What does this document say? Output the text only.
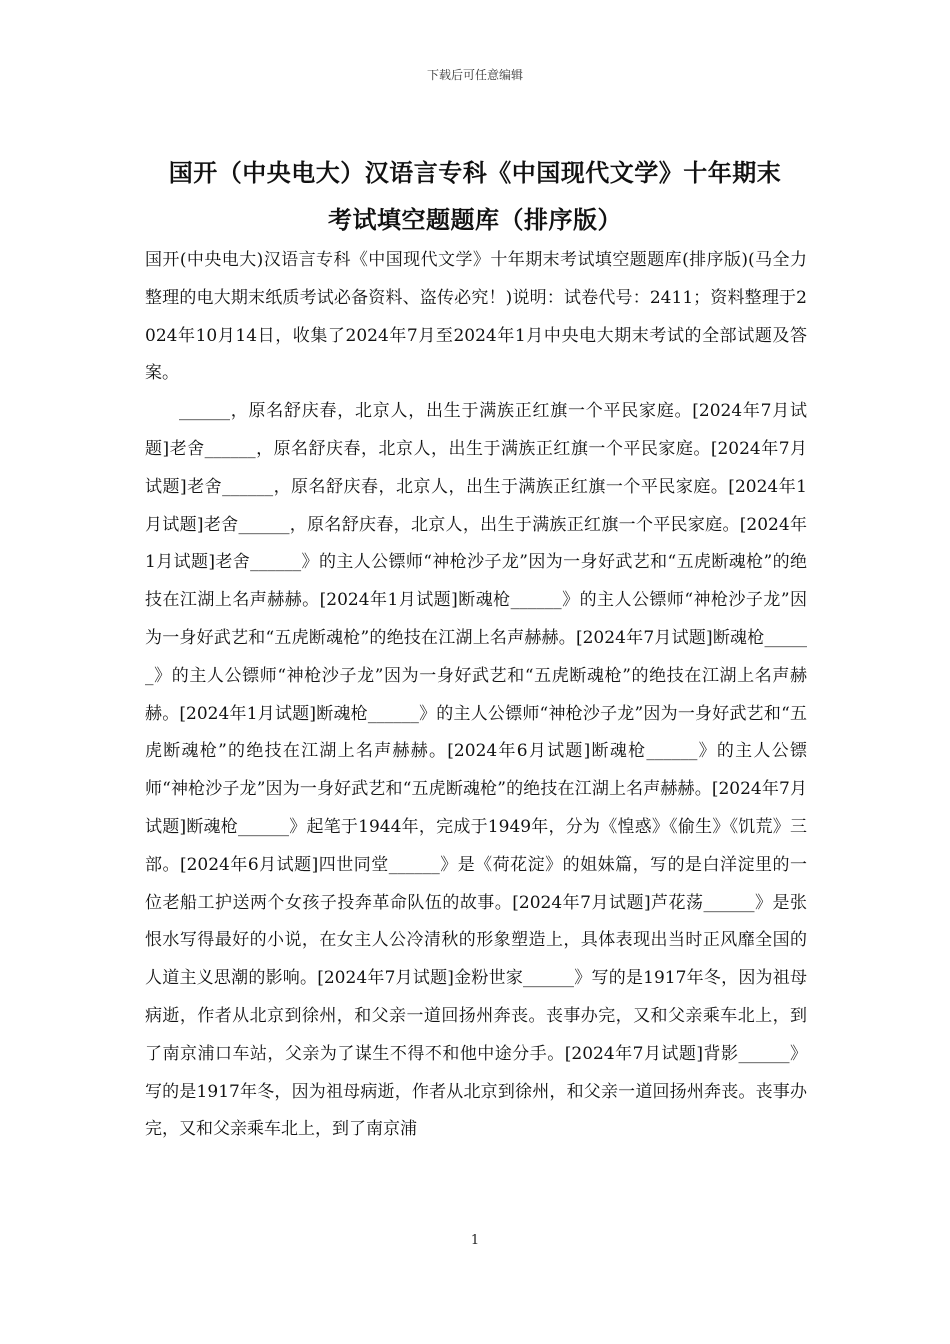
下载后可任意编辑
国开（中央电大）汉语言专科《中国现代文学》十年期末
考试填空题题库（排序版）

国开(中央电大)汉语言专科《中国现代文学》十年期末考试填空题题库(排序版)(马全力整理的电大期末纸质考试必备资料、盗传必究！)说明：试卷代号：2411；资料整理于2024年10月14日，收集了2024年7月至2024年1月中央电大期末考试的全部试题及答案。

______，原名舒庆春，北京人，出生于满族正红旗一个平民家庭。[2024年7月试题]老舍______，原名舒庆春，北京人，出生于满族正红旗一个平民家庭。[2024年7月试题]老舍______，原名舒庆春，北京人，出生于满族正红旗一个平民家庭。[2024年1月试题]老舍______，原名舒庆春，北京人，出生于满族正红旗一个平民家庭。[2024年1月试题]老舍______》的主人公镖师“神枪沙子龙”因为一身好武艺和“五虎断魂枪”的绝技在江湖上名声赫赫。[2024年1月试题]断魂枪______》的主人公镖师“神枪沙子龙”因为一身好武艺和“五虎断魂枪”的绝技在江湖上名声赫赫。[2024年7月试题]断魂枪______》的主人公镖师“神枪沙子龙”因为一身好武艺和“五虎断魂枪”的绝技在江湖上名声赫赫。[2024年1月试题]断魂枪______》的主人公镖师“神枪沙子龙”因为一身好武艺和“五虎断魂枪”的绝技在江湖上名声赫赫。[2024年6月试题]断魂枪______》的主人公镖师“神枪沙子龙”因为一身好武艺和“五虎断魂枪”的绝技在江湖上名声赫赫。[2024年7月试题]断魂枪______》起笔于1944年，完成于1949年，分为《惶惑》《偷生》《饥荒》三部。[2024年6月试题]四世同堂______》是《荷花淀》的姐妹篇，写的是白洋淀里的一位老船工护送两个女孩子投奔革命队伍的故事。[2024年7月试题]芦花荡______》是张恨水写得最好的小说，在女主人公冷清秋的形象塑造上，具体表现出当时正风靡全国的人道主义思潮的影响。[2024年7月试题]金粉世家______》写的是1917年冬，因为祖母病逝，作者从北京到徐州，和父亲一道回扬州奔丧。丧事办完，又和父亲乘车北上，到了南京浦口车站，父亲为了谋生不得不和他中途分手。[2024年7月试题]背影______》写的是1917年冬，因为祖母病逝，作者从北京到徐州，和父亲一道回扬州奔丧。丧事办完，又和父亲乘车北上，到了南京浦

1
